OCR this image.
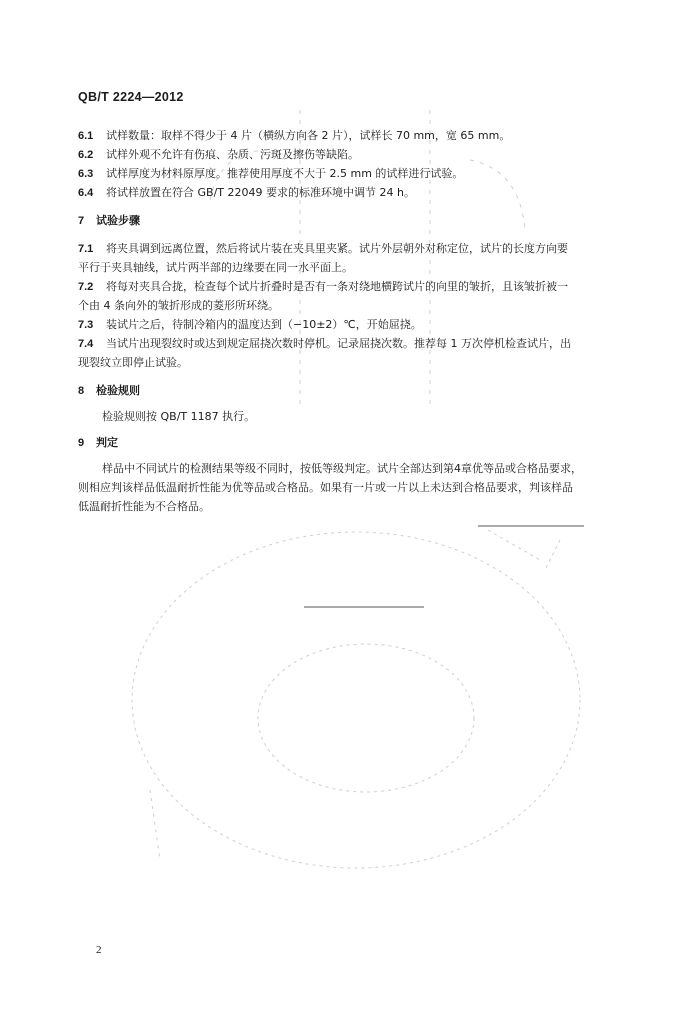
QB/T 2224—2012
6.1 试样数量：取样不得少于 4 片（横纵方向各 2 片），试样长 70 mm，宽 65 mm。
6.2 试样外观不允许有伤痕、杂质、污斑及擦伤等缺陷。
6.3 试样厚度为材料原厚度。推荐使用厚度不大于 2.5 mm 的试样进行试验。
6.4 将试样放置在符合 GB/T 22049 要求的标准环境中调节 24 h。
7 试验步骤
7.1 将夹具调到远离位置，然后将试片装在夹具里夹紧。试片外层朝外对称定位，试片的长度方向要
平行于夹具轴线，试片两半部的边缘要在同一水平面上。
7.2 将每对夹具合拢，检查每个试片折叠时是否有一条对绕地横跨试片的向里的皱折，且该皱折被一
个由 4 条向外的皱折形成的菱形所环绕。
7.3 装试片之后，待制冷箱内的温度达到（−10±2）℃，开始屈挠。
7.4 当试片出现裂纹时或达到规定屈挠次数时停机。记录屈挠次数。推荐每 1 万次停机检查试片，出
现裂纹立即停止试验。
8 检验规则
检验规则按 QB/T 1187 执行。
9 判定
样品中不同试片的检测结果等级不同时，按低等级判定。试片全部达到第4章优等品或合格品要求，
则相应判该样品低温耐折性能为优等品或合格品。如果有一片或一片以上未达到合格品要求，判该样品
低温耐折性能为不合格品。
2
